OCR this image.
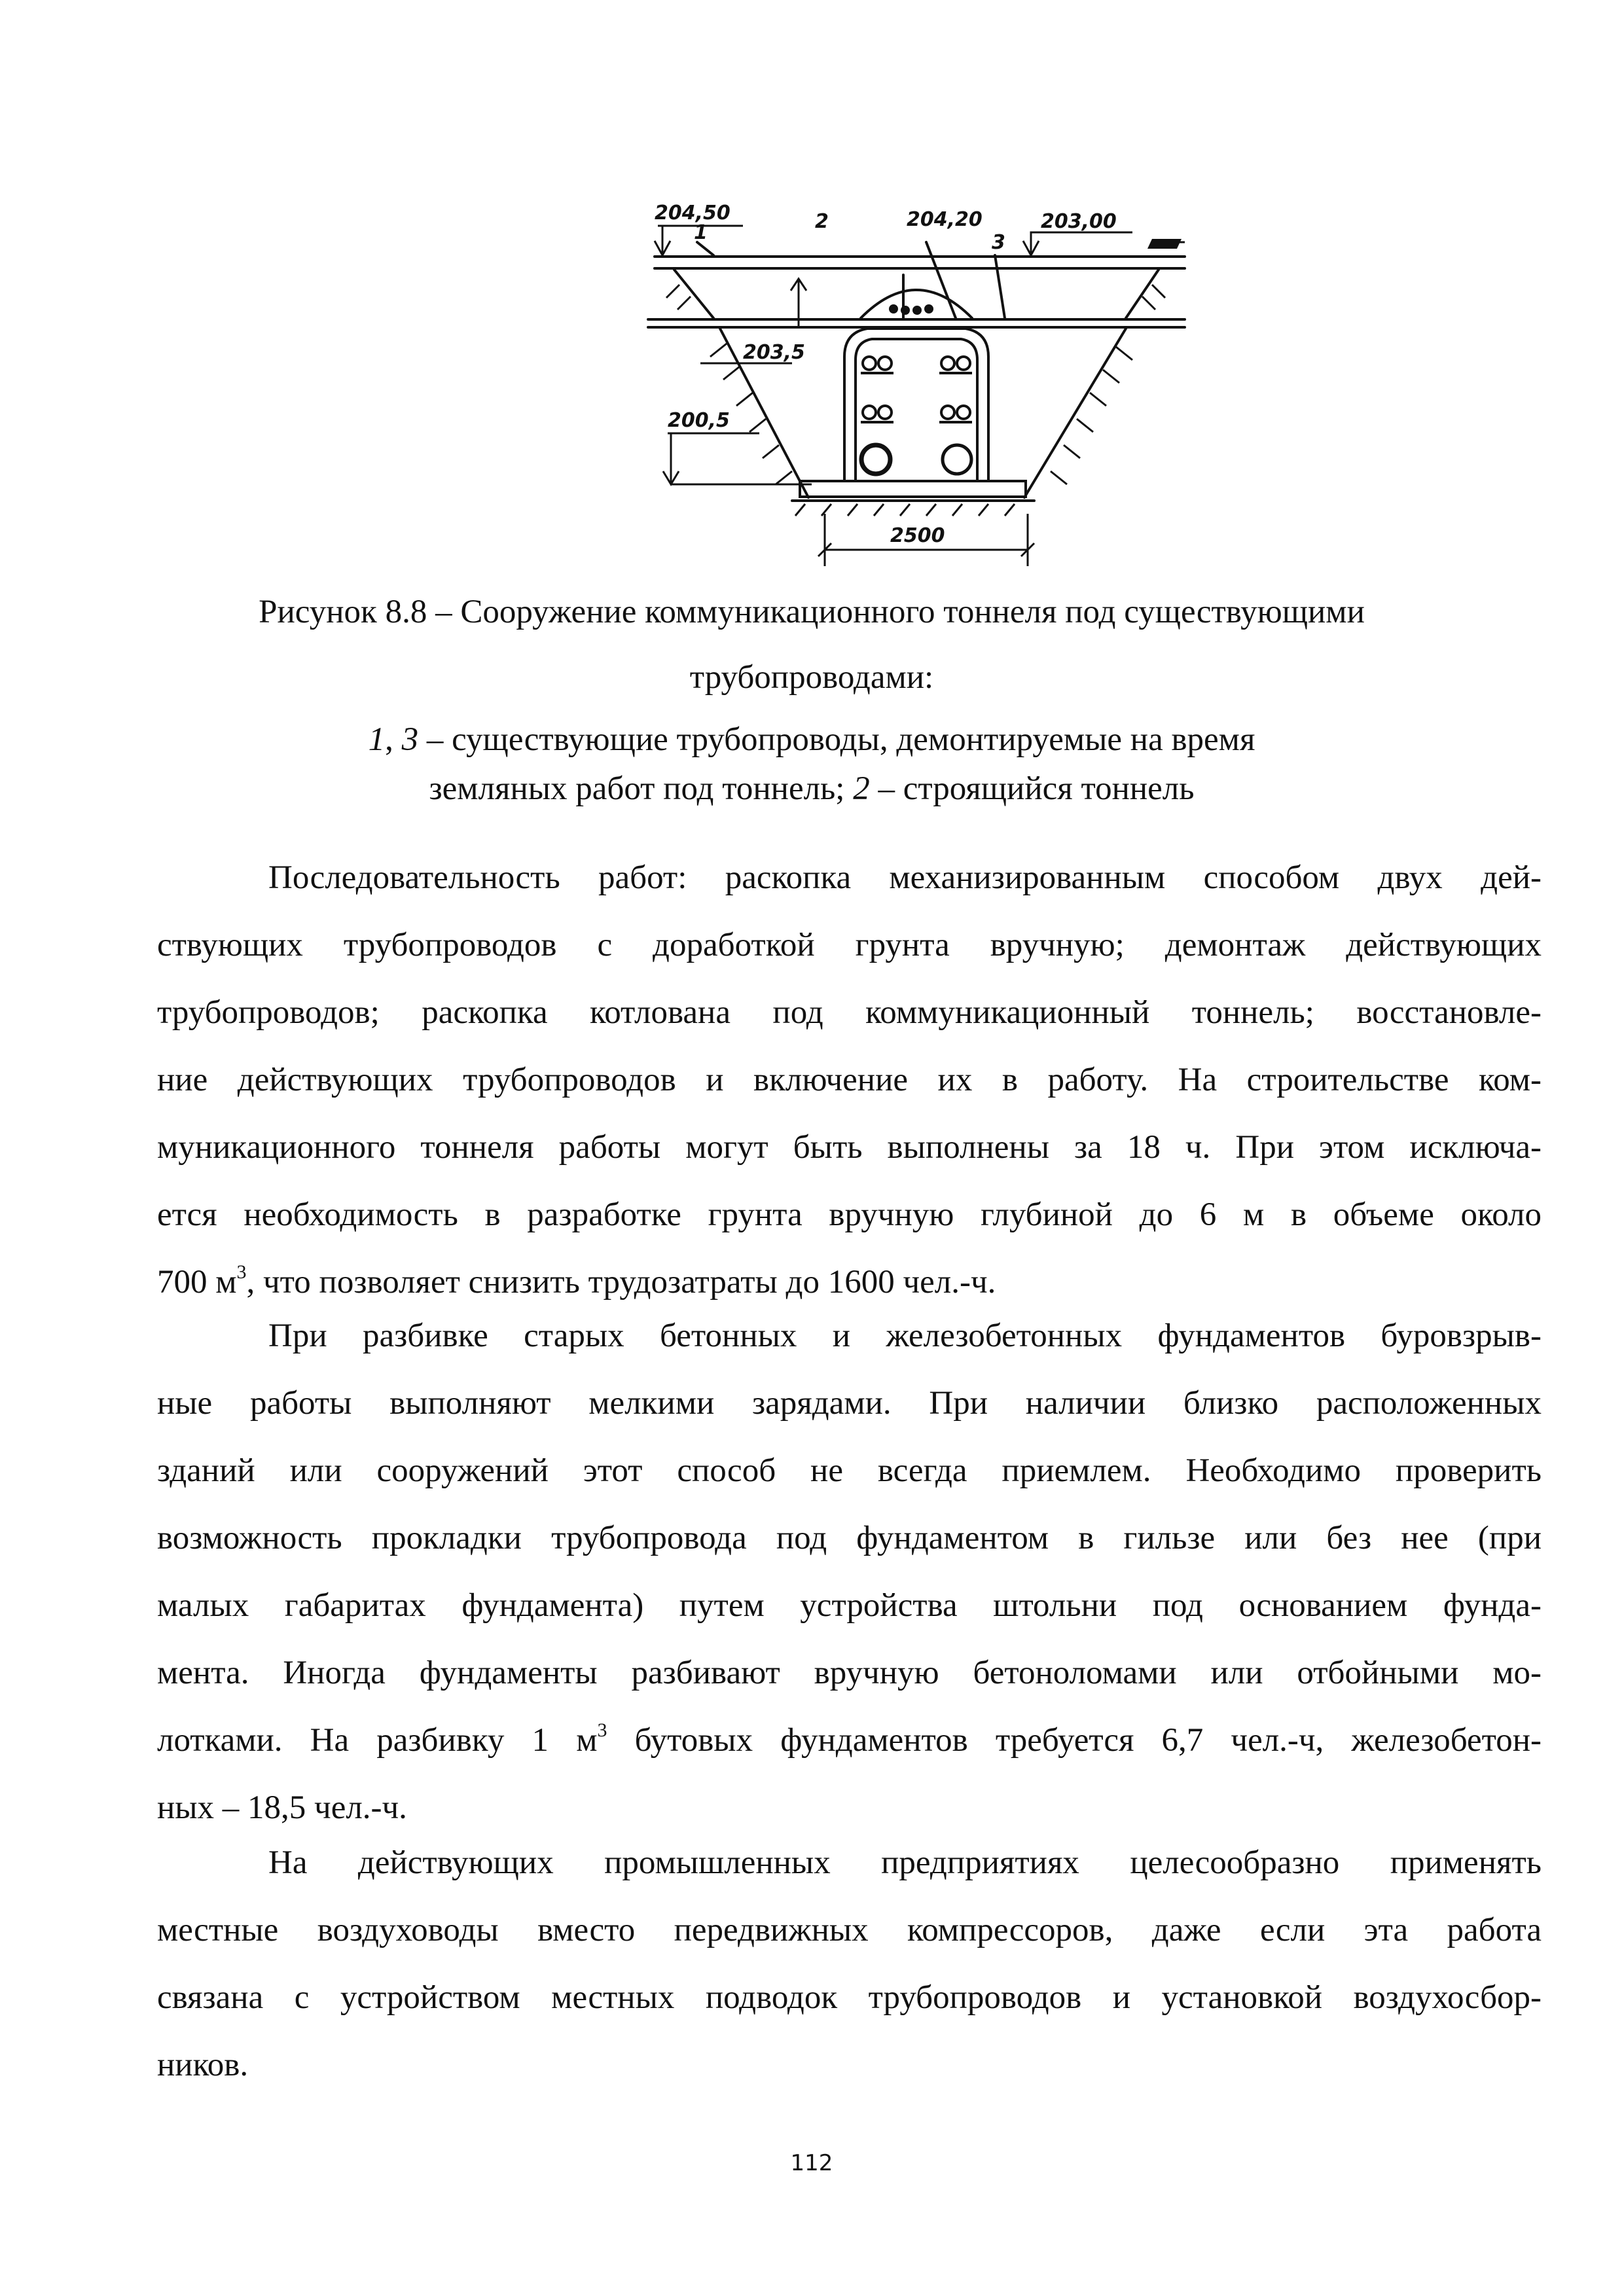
204,50
1	2	204,20
3
203,00
203,5
200,5
2500
Рисунок 8.8 – Сооружение коммуникационного тоннеля под существующими
трубопроводами:
1, 3 – существующие трубопроводы, демонтируемые на время
земляных работ под тоннель; 2 – строящийся тоннель
Последовательность работ: раскопка механизированным способом двух дей-
ствующих трубопроводов с доработкой грунта вручную; демонтаж действующих
трубопроводов; раскопка котлована под коммуникационный тоннель; восстановле-
ние действующих трубопроводов и включение их в работу. На строительстве ком-
муникационного тоннеля работы могут быть выполнены за 18 ч. При этом исключа-
ется необходимость в разработке грунта вручную глубиной до 6 м в объеме около
700 $м^3$, что позволяет снизить трудозатраты до 1600 чел.-ч.
При разбивке старых бетонных и железобетонных фундаментов буровзрыв-
ные работы выполняют мелкими зарядами. При наличии близко расположенных
зданий или сооружений этот способ не всегда приемлем. Необходимо проверить
возможность прокладки трубопровода под фундаментом в гильзе или без нее (при
малых габаритах фундамента) путем устройства штольни под основанием фунда-
мента. Иногда фундаменты разбивают вручную бетоноломами или отбойными мо-
лотками. На разбивку 1 $м^3$ бутовых фундаментов требуется 6,7 чел.-ч, железобетон-
ных – 18,5 чел.-ч.
На действующих промышленных предприятиях целесообразно применять
местные воздуховоды вместо передвижных компрессоров, даже если эта работа
связана с устройством местных подводок трубопроводов и установкой воздухосбор-
ников.
112
